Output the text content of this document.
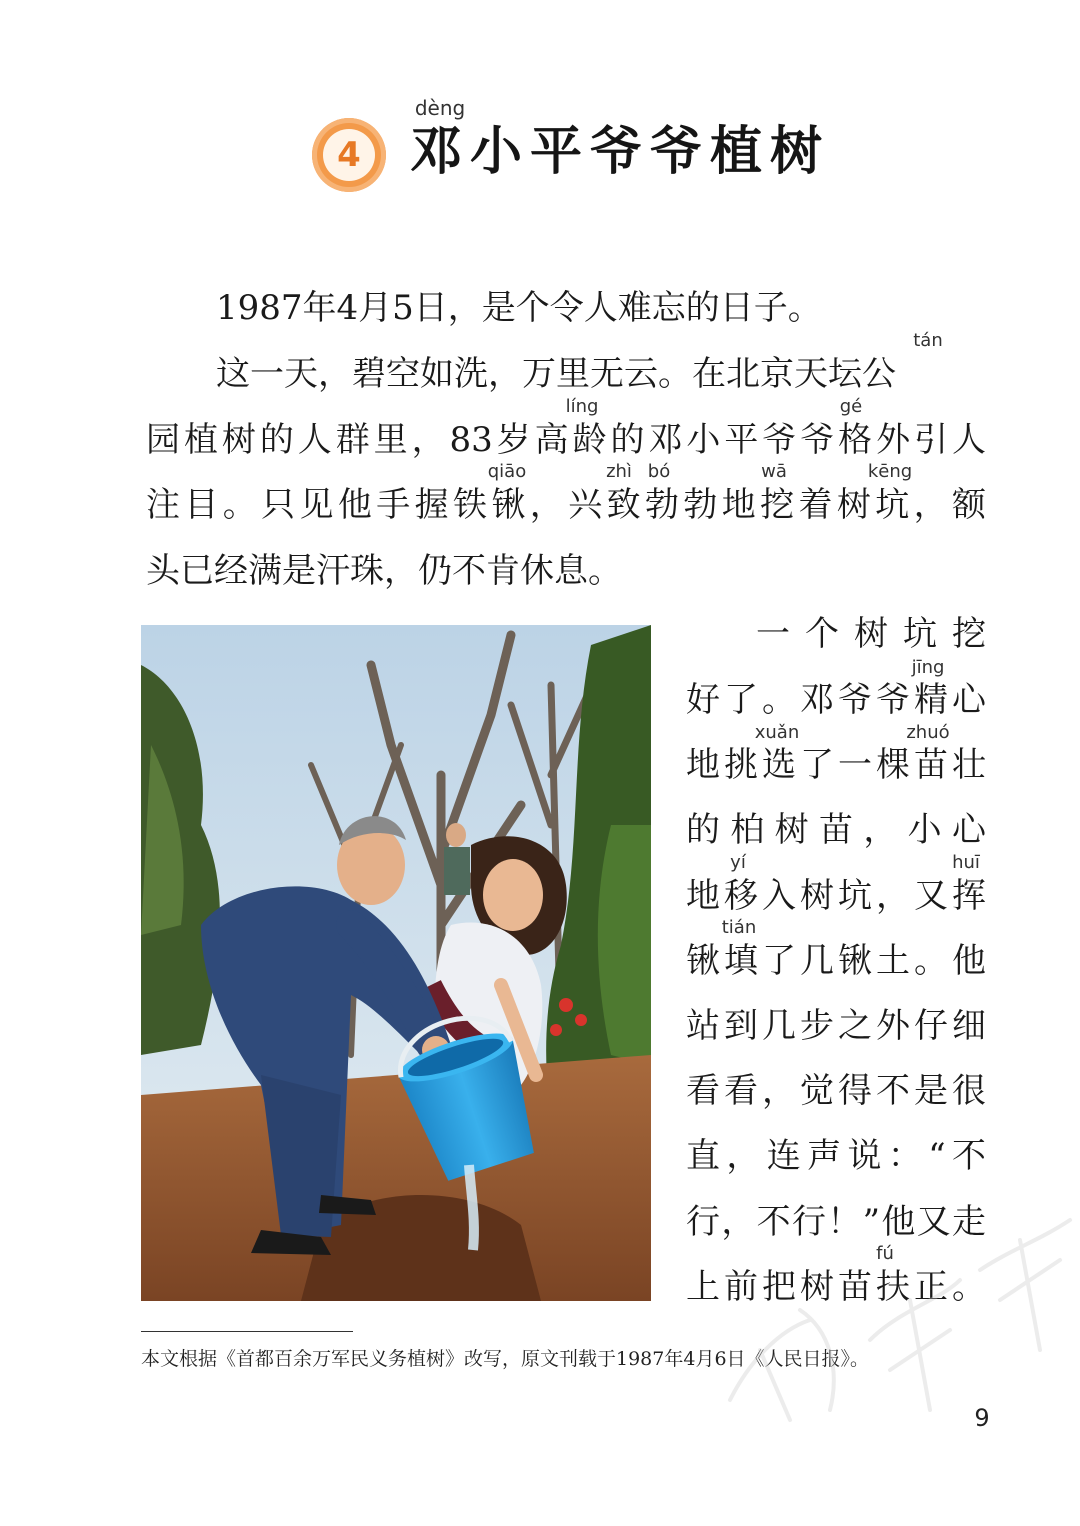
4
dèng
邓小平爷爷植树
1987年4月5日，是个令人难忘的日子。
tán
这一天，碧空如洗，万里无云。在北京天坛公
líng	gé
园植树的人群里，83岁高龄的邓小平爷爷格外引人
qiāo	zhì bó	wā	kēng
注目。只见他手握铁锹，兴致勃勃地挖着树坑，额
头已经满是汗珠，仍不肯休息。
一个树坑挖
jīng
好了。邓爷爷精心
xuǎn	zhuó
地挑选了一棵苗壮
的柏树苗，小心
yí	huī
地移入树坑，又挥
tián
锹填了几锹土。他
站到几步之外仔细
看看，觉得不是很
直，连声说：“不
行，不行！”他又走
fú
上前把树苗扶正。
本文根据《首都百余万军民义务植树》改写，原文刊载于1987年4月6日《人民日报》。
9
